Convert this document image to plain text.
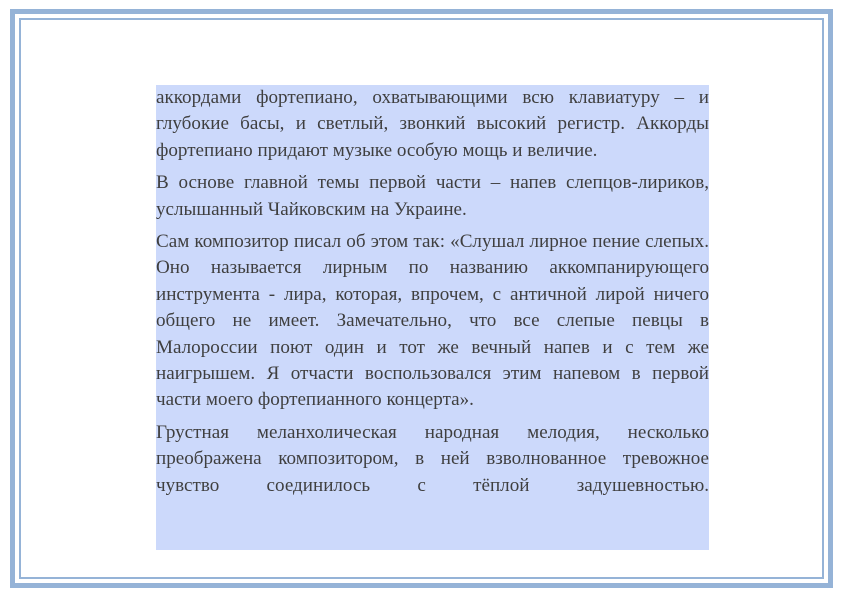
аккордами фортепиано, охватывающими всю клавиатуру – и глубокие басы, и светлый, звонкий высокий регистр. Аккорды фортепиано придают музыке особую мощь и величие.

В основе главной темы первой части – напев слепцов-лириков, услышанный Чайковским на Украине.

Сам композитор писал об этом так: «Слушал лирное пение слепых. Оно называется лирным по названию аккомпанирующего инструмента - лира, которая, впрочем, с античной лирой ничего общего не имеет. Замечательно, что все слепые певцы в Малороссии поют один и тот же вечный напев и с тем же наигрышем. Я отчасти воспользовался этим напевом в первой части моего фортепианного концерта».

Грустная меланхолическая народная мелодия, несколько преображена композитором, в ней взволнованное тревожное чувство соединилось с тёплой задушевностью.
